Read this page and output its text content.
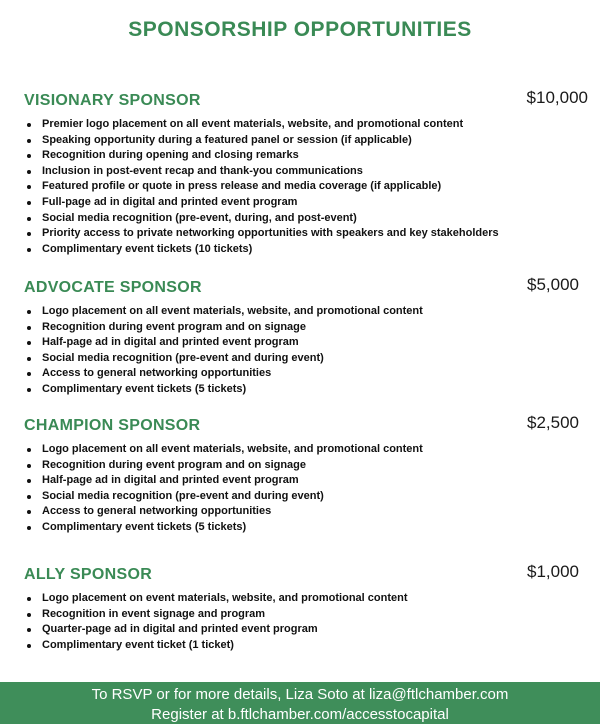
SPONSORSHIP OPPORTUNITIES
VISIONARY SPONSOR	$10,000
Premier logo placement on all event materials, website, and promotional content
Speaking opportunity during a featured panel or session (if applicable)
Recognition during opening and closing remarks
Inclusion in post-event recap and thank-you communications
Featured profile or quote in press release and media coverage (if applicable)
Full-page ad in digital and printed event program
Social media recognition (pre-event, during, and post-event)
Priority access to private networking opportunities with speakers and key stakeholders
Complimentary event tickets (10 tickets)
ADVOCATE SPONSOR	$5,000
Logo placement on all event materials, website, and promotional content
Recognition during event program and on signage
Half-page ad in digital and printed event program
Social media recognition (pre-event and during event)
Access to general networking opportunities
Complimentary event tickets (5 tickets)
CHAMPION SPONSOR	$2,500
Logo placement on all event materials, website, and promotional content
Recognition during event program and on signage
Half-page ad in digital and printed event program
Social media recognition (pre-event and during event)
Access to general networking opportunities
Complimentary event tickets (5 tickets)
ALLY SPONSOR	$1,000
Logo placement on event materials, website, and promotional content
Recognition in event signage and program
Quarter-page ad in digital and printed event program
Complimentary event ticket (1 ticket)
To RSVP or for more details, Liza Soto at liza@ftlchamber.com
Register at b.ftlchamber.com/accesstocapital
